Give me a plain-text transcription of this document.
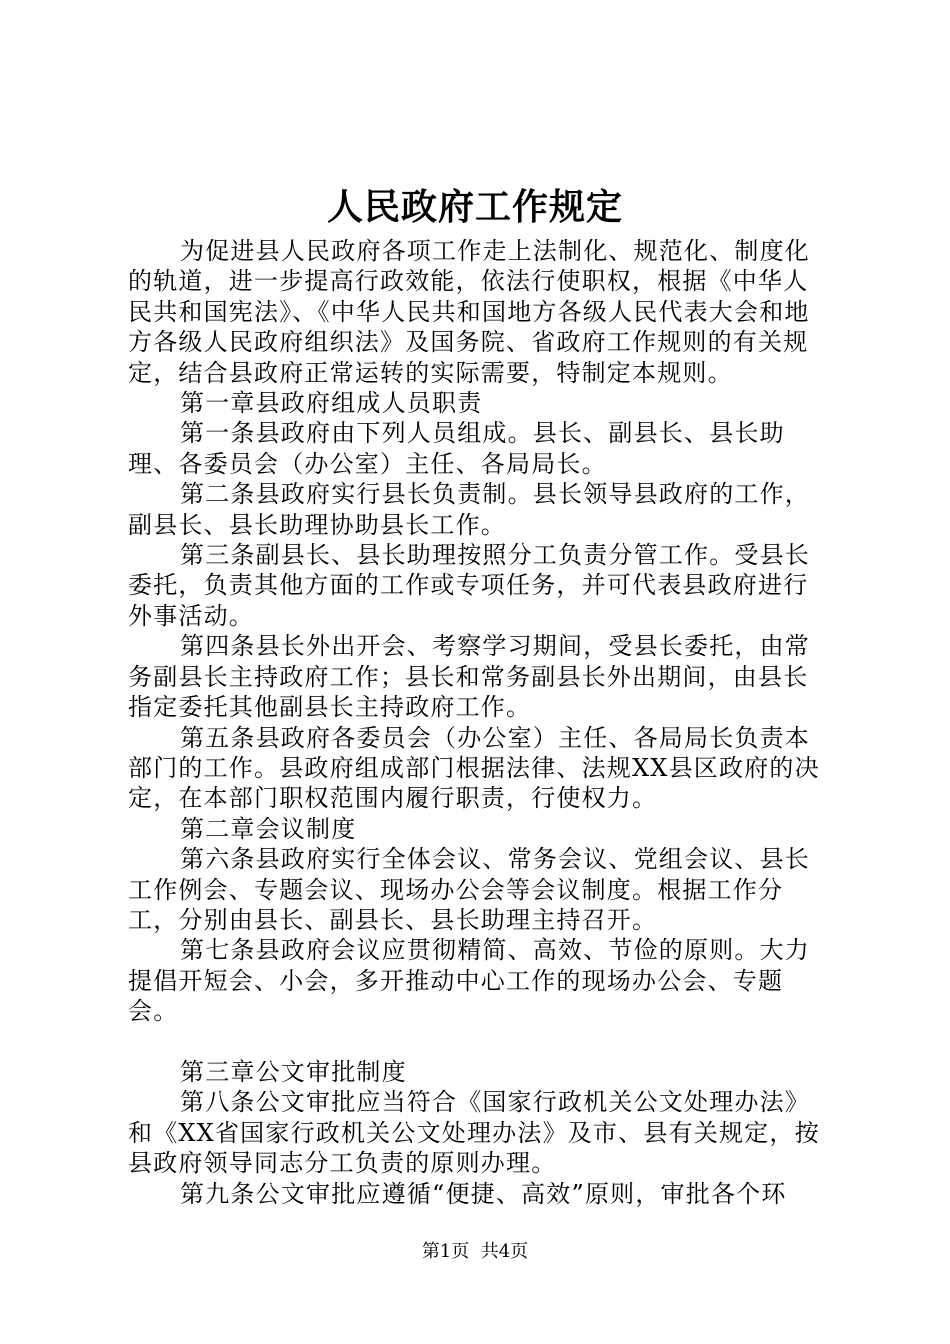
人民政府工作规定

为促进县人民政府各项工作走上法制化、规范化、制度化的轨道，进一步提高行政效能，依法行使职权，根据《中华人民共和国宪法》、《中华人民共和国地方各级人民代表大会和地方各级人民政府组织法》及国务院、省政府工作规则的有关规定，结合县政府正常运转的实际需要，特制定本规则。

第一章县政府组成人员职责

第一条县政府由下列人员组成。县长、副县长、县长助理、各委员会（办公室）主任、各局局长。

第二条县政府实行县长负责制。县长领导县政府的工作，副县长、县长助理协助县长工作。

第三条副县长、县长助理按照分工负责分管工作。受县长委托，负责其他方面的工作或专项任务，并可代表县政府进行外事活动。

第四条县长外出开会、考察学习期间，受县长委托，由常务副县长主持政府工作；县长和常务副县长外出期间，由县长指定委托其他副县长主持政府工作。

第五条县政府各委员会（办公室）主任、各局局长负责本部门的工作。县政府组成部门根据法律、法规XX县区政府的决定，在本部门职权范围内履行职责，行使权力。

第二章会议制度

第六条县政府实行全体会议、常务会议、党组会议、县长工作例会、专题会议、现场办公会等会议制度。根据工作分工，分别由县长、副县长、县长助理主持召开。

第七条县政府会议应贯彻精简、高效、节俭的原则。大力提倡开短会、小会，多开推动中心工作的现场办公会、专题会。

第三章公文审批制度

第八条公文审批应当符合《国家行政机关公文处理办法》和《XX省国家行政机关公文处理办法》及市、县有关规定，按县政府领导同志分工负责的原则办理。

第九条公文审批应遵循“便捷、高效”原则，审批各个环

第1页  共4页
